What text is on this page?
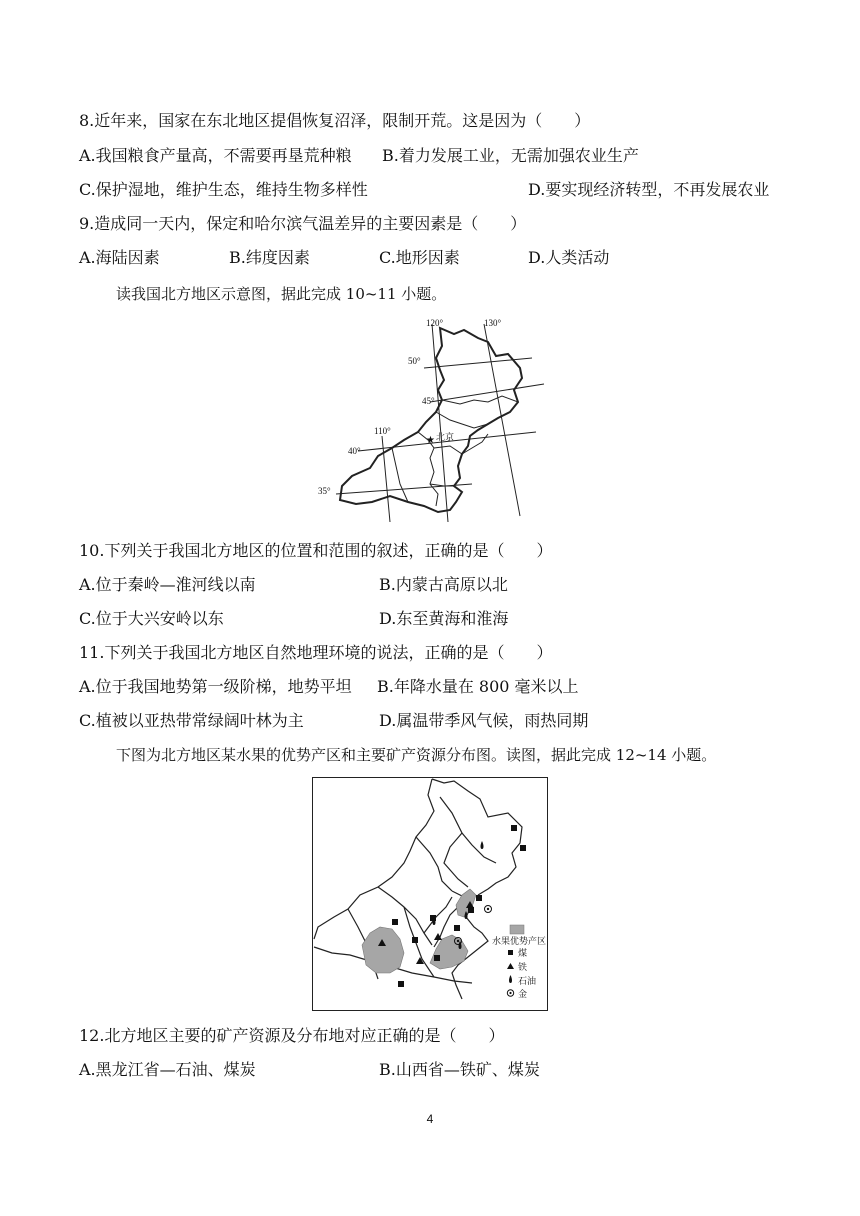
8.近年来，国家在东北地区提倡恢复沼泽，限制开荒。这是因为（　　）
A.我国粮食产量高，不需要再垦荒种粮 B.着力发展工业，无需加强农业生产
C.保护湿地，维护生态，维持生物多样性	D.要实现经济转型，不再发展农业
9.造成同一天内，保定和哈尔滨气温差异的主要因素是（　　）
A.海陆因素	B.纬度因素	C.地形因素	D.人类活动
读我国北方地区示意图，据此完成 10~11 小题。
120°	130°
110°
50°
45°
40°
35°
北京
★
10.下列关于我国北方地区的位置和范围的叙述，正确的是（　　）
A.位于秦岭—淮河线以南	B.内蒙古高原以北
C.位于大兴安岭以东	D.东至黄海和淮海
11.下列关于我国北方地区自然地理环境的说法，正确的是（　　）
A.位于我国地势第一级阶梯，地势平坦 B.年降水量在 800 毫米以上
C.植被以亚热带常绿阔叶林为主	D.属温带季风气候，雨热同期
下图为北方地区某水果的优势产区和主要矿产资源分布图。读图，据此完成 12~14 小题。
水果优势产区
煤
铁
石油
金
12.北方地区主要的矿产资源及分布地对应正确的是（　　）
A.黑龙江省—石油、煤炭	B.山西省—铁矿、煤炭
4
